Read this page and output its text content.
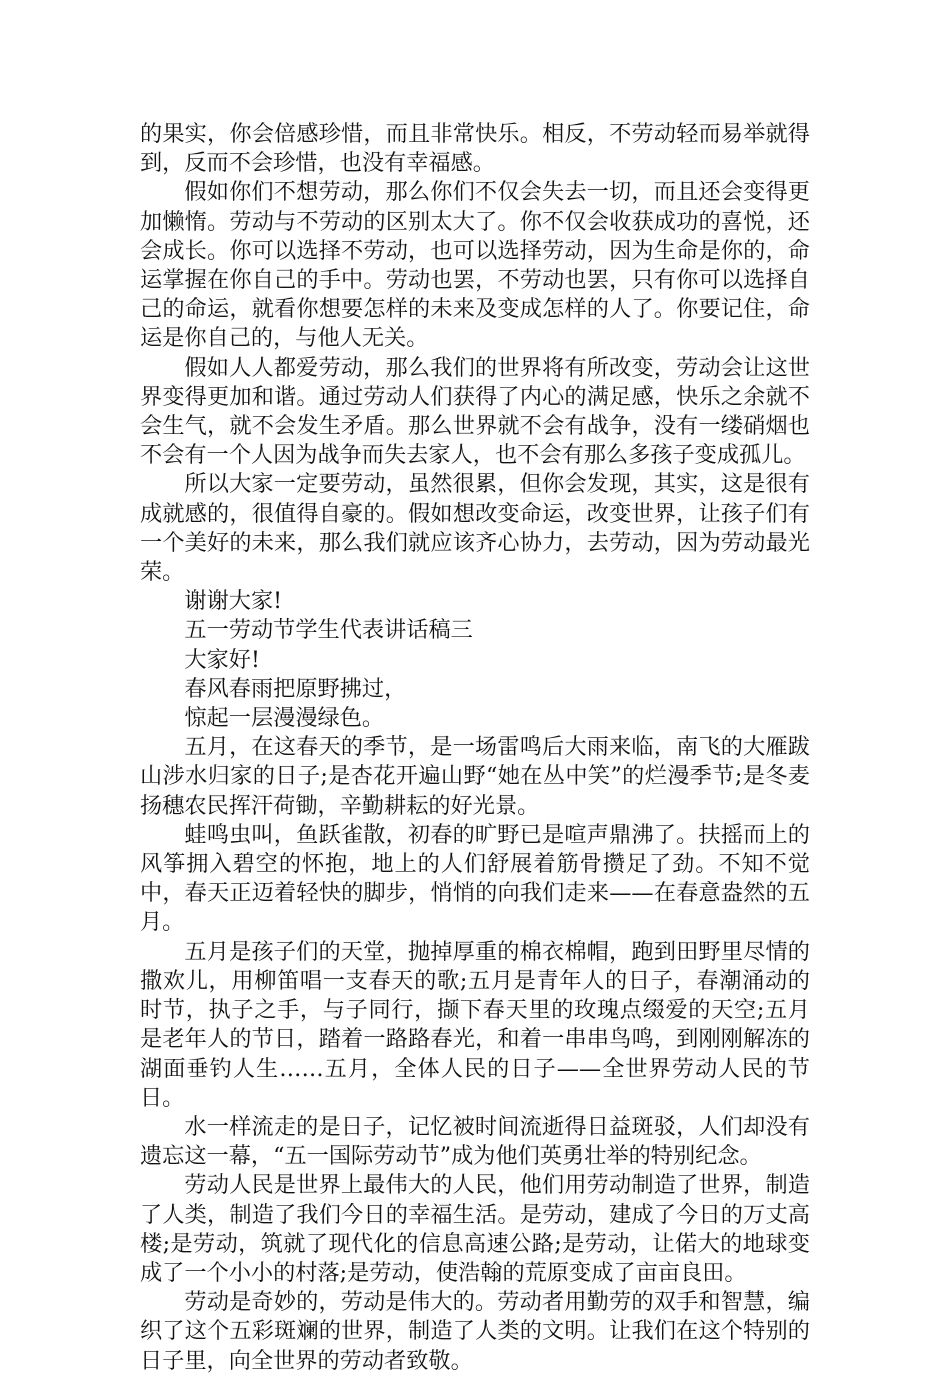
的果实，你会倍感珍惜，而且非常快乐。相反，不劳动轻而易举就得到，反而不会珍惜，也没有幸福感。

假如你们不想劳动，那么你们不仅会失去一切，而且还会变得更加懒惰。劳动与不劳动的区别太大了。你不仅会收获成功的喜悦，还会成长。你可以选择不劳动，也可以选择劳动，因为生命是你的，命运掌握在你自己的手中。劳动也罢，不劳动也罢，只有你可以选择自己的命运，就看你想要怎样的未来及变成怎样的人了。你要记住，命运是你自己的，与他人无关。

假如人人都爱劳动，那么我们的世界将有所改变，劳动会让这世界变得更加和谐。通过劳动人们获得了内心的满足感，快乐之余就不会生气，就不会发生矛盾。那么世界就不会有战争，没有一缕硝烟也不会有一个人因为战争而失去家人，也不会有那么多孩子变成孤儿。

所以大家一定要劳动，虽然很累，但你会发现，其实，这是很有成就感的，很值得自豪的。假如想改变命运，改变世界，让孩子们有一个美好的未来，那么我们就应该齐心协力，去劳动，因为劳动最光荣。

谢谢大家!

五一劳动节学生代表讲话稿三

大家好!

春风春雨把原野拂过，

惊起一层漫漫绿色。

五月，在这春天的季节，是一场雷鸣后大雨来临，南飞的大雁跋山涉水归家的日子;是杏花开遍山野“她在丛中笑”的烂漫季节;是冬麦扬穗农民挥汗荷锄，辛勤耕耘的好光景。

蛙鸣虫叫，鱼跃雀散，初春的旷野已是喧声鼎沸了。扶摇而上的风筝拥入碧空的怀抱，地上的人们舒展着筋骨攒足了劲。不知不觉中，春天正迈着轻快的脚步，悄悄的向我们走来——在春意盎然的五月。

五月是孩子们的天堂，抛掉厚重的棉衣棉帽，跑到田野里尽情的撒欢儿，用柳笛唱一支春天的歌;五月是青年人的日子，春潮涌动的时节，执子之手，与子同行，撷下春天里的玫瑰点缀爱的天空;五月是老年人的节日，踏着一路路春光，和着一串串鸟鸣，到刚刚解冻的湖面垂钓人生……五月，全体人民的日子——全世界劳动人民的节日。

水一样流走的是日子，记忆被时间流逝得日益斑驳，人们却没有遗忘这一幕，“五一国际劳动节”成为他们英勇壮举的特别纪念。

劳动人民是世界上最伟大的人民，他们用劳动制造了世界，制造了人类，制造了我们今日的幸福生活。是劳动，建成了今日的万丈高楼;是劳动，筑就了现代化的信息高速公路;是劳动，让偌大的地球变成了一个小小的村落;是劳动，使浩翰的荒原变成了亩亩良田。

劳动是奇妙的，劳动是伟大的。劳动者用勤劳的双手和智慧，编织了这个五彩斑斓的世界，制造了人类的文明。让我们在这个特别的日子里，向全世界的劳动者致敬。
